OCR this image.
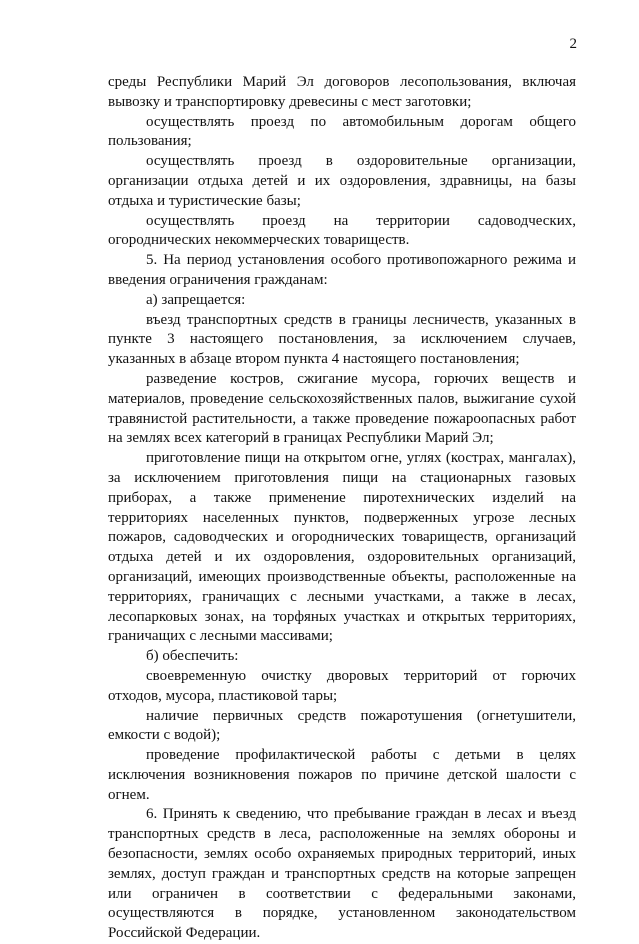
2

среды Республики Марий Эл договоров лесопользования, включая вывозку и транспортировку древесины с мест заготовки;

осуществлять проезд по автомобильным дорогам общего пользования;

осуществлять проезд в оздоровительные организации, организации отдыха детей и их оздоровления, здравницы, на базы отдыха и туристические базы;

осуществлять проезд на территории садоводческих, огороднических некоммерческих товариществ.

5. На период установления особого противопожарного режима и введения ограничения гражданам:

а) запрещается:

въезд транспортных средств в границы лесничеств, указанных в пункте 3 настоящего постановления, за исключением случаев, указанных в абзаце втором пункта 4 настоящего постановления;

разведение костров, сжигание мусора, горючих веществ и материалов, проведение сельскохозяйственных палов, выжигание сухой травянистой растительности, а также проведение пожароопасных работ на землях всех категорий в границах Республики Марий Эл;

приготовление пищи на открытом огне, углях (кострах, мангалах), за исключением приготовления пищи на стационарных газовых приборах, а также применение пиротехнических изделий на территориях населенных пунктов, подверженных угрозе лесных пожаров, садоводческих и огороднических товариществ, организаций отдыха детей и их оздоровления, оздоровительных организаций, организаций, имеющих производственные объекты, расположенные на территориях, граничащих с лесными участками, а также в лесах, лесопарковых зонах, на торфяных участках и открытых территориях, граничащих с лесными массивами;

б) обеспечить:

своевременную очистку дворовых территорий от горючих отходов, мусора, пластиковой тары;

наличие первичных средств пожаротушения (огнетушители, емкости с водой);

проведение профилактической работы с детьми в целях исключения возникновения пожаров по причине детской шалости с огнем.

6. Принять к сведению, что пребывание граждан в лесах и въезд транспортных средств в леса, расположенные на землях обороны и безопасности, землях особо охраняемых природных территорий, иных землях, доступ граждан и транспортных средств на которые запрещен или ограничен в соответствии с федеральными законами, осуществляются в порядке, установленном законодательством Российской Федерации.
